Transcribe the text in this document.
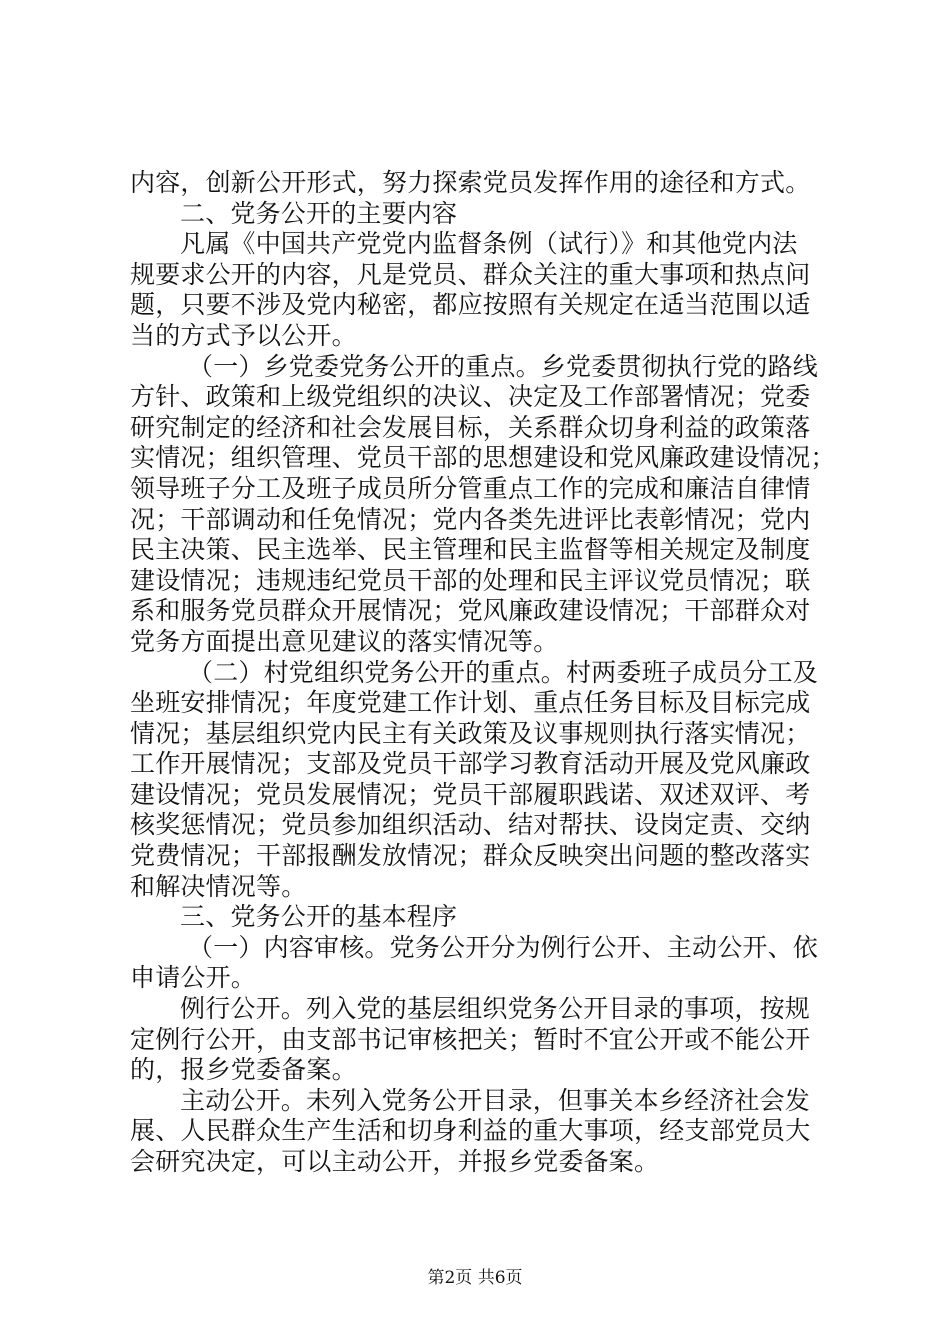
内容，创新公开形式，努力探索党员发挥作用的途径和方式。
二、党务公开的主要内容
凡属《中国共产党党内监督条例（试行）》和其他党内法
规要求公开的内容，凡是党员、群众关注的重大事项和热点问
题，只要不涉及党内秘密，都应按照有关规定在适当范围以适
当的方式予以公开。
（一）乡党委党务公开的重点。乡党委贯彻执行党的路线
方针、政策和上级党组织的决议、决定及工作部署情况；党委
研究制定的经济和社会发展目标，关系群众切身利益的政策落
实情况；组织管理、党员干部的思想建设和党风廉政建设情况；
领导班子分工及班子成员所分管重点工作的完成和廉洁自律情
况；干部调动和任免情况；党内各类先进评比表彰情况；党内
民主决策、民主选举、民主管理和民主监督等相关规定及制度
建设情况；违规违纪党员干部的处理和民主评议党员情况；联
系和服务党员群众开展情况；党风廉政建设情况；干部群众对
党务方面提出意见建议的落实情况等。
（二）村党组织党务公开的重点。村两委班子成员分工及
坐班安排情况；年度党建工作计划、重点任务目标及目标完成
情况；基层组织党内民主有关政策及议事规则执行落实情况；
工作开展情况；支部及党员干部学习教育活动开展及党风廉政
建设情况；党员发展情况；党员干部履职践诺、双述双评、考
核奖惩情况；党员参加组织活动、结对帮扶、设岗定责、交纳
党费情况；干部报酬发放情况；群众反映突出问题的整改落实
和解决情况等。
三、党务公开的基本程序
（一）内容审核。党务公开分为例行公开、主动公开、依
申请公开。
例行公开。列入党的基层组织党务公开目录的事项，按规
定例行公开，由支部书记审核把关；暂时不宜公开或不能公开
的，报乡党委备案。
主动公开。未列入党务公开目录，但事关本乡经济社会发
展、人民群众生产生活和切身利益的重大事项，经支部党员大
会研究决定，可以主动公开，并报乡党委备案。
第2页 共6页
